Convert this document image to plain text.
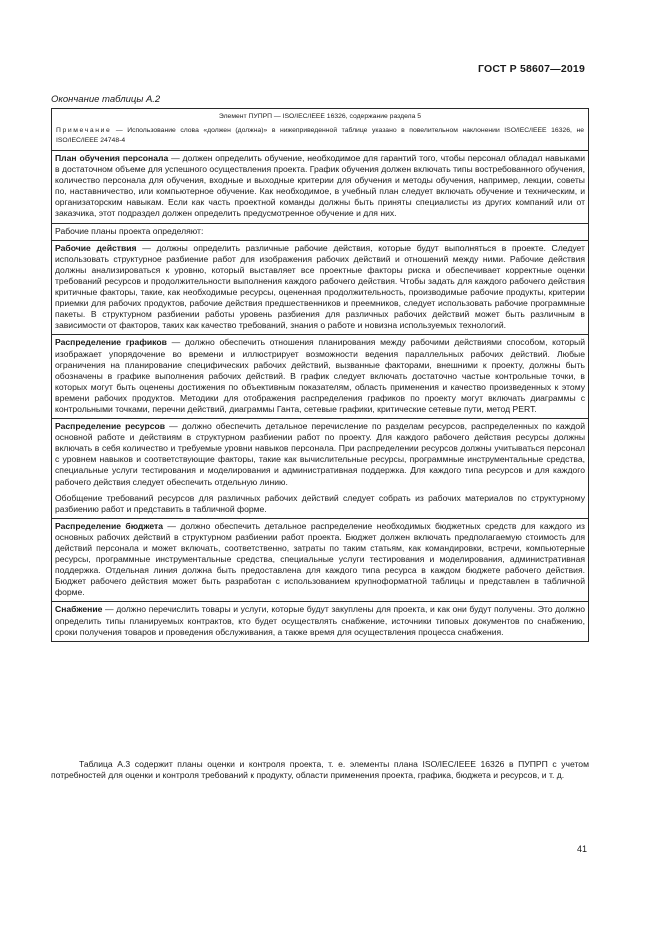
ГОСТ Р 58607—2019
Окончание таблицы А.2
Элемент ПУПРП — ISO/IEC/IEEE 16326, содержание раздела 5
Примечание — Использование слова «должен (должна)» в нижеприведенной таблице указано в повелительном наклонении ISO/IEC/IEEE 16326, не ISO/IEC/IEEE 24748-4

План обучения персонала — должен определить обучение, необходимое для гарантий того, чтобы персонал обладал навыками в достаточном объеме для успешного осуществления проекта. График обучения должен включать типы востребованного обучения, количество персонала для обучения, входные и выходные критерии для обучения и методы обучения, например, лекции, советы по, наставничество, или компьютерное обучение. Как необходимое, в учебный план следует включать обучение и техническим, и организаторским навыкам. Если как часть проектной команды должны быть приняты специалисты из других компаний или от заказчика, этот подраздел должен определить предусмотренное обучение и для них.
Рабочие планы проекта определяют:
Рабочие действия — должны определить различные рабочие действия, которые будут выполняться в проекте. Следует использовать структурное разбиение работ для изображения рабочих действий и отношений между ними. Рабочие действия должны анализироваться к уровню, который выставляет все проектные факторы риска и обеспечивает корректные оценки требований ресурсов и продолжительности выполнения каждого рабочего действия. Чтобы задать для каждого рабочего действия критичные факторы, такие, как необходимые ресурсы, оцененная продолжительность, производимые рабочие продукты, критерии приемки для рабочих продуктов, рабочие действия предшественников и преемников, следует использовать рабочие программные пакеты. В структурном разбиении работы уровень разбиения для различных рабочих действий может быть различным в зависимости от факторов, таких как качество требований, знания о работе и новизна используемых технологий.
Распределение графиков — должно обеспечить отношения планирования между рабочими действиями способом, который изображает упорядочение во времени и иллюстрирует возможности ведения параллельных рабочих действий. Любые ограничения на планирование специфических рабочих действий, вызванные факторами, внешними к проекту, должны быть обозначены в графике выполнения рабочих действий. В график следует включать достаточно частые контрольные точки, в которых могут быть оценены достижения по объективным показателям, область применения и качество произведенных к этому времени рабочих продуктов. Методики для отображения распределения графиков по проекту могут включать диаграммы с контрольными точками, перечни действий, диаграммы Ганта, сетевые графики, критические сетевые пути, метод PERT.

Распределение ресурсов — должно обеспечить детальное перечисление по разделам ресурсов, распределенных по каждой основной работе и действиям в структурном разбиении работ по проекту. Для каждого рабочего действия ресурсы должны включать в себя количество и требуемые уровни навыков персонала. При распределении ресурсов должны учитываться персонал с уровнем навыков и соответствующие факторы, такие как вычислительные ресурсы, программные инструментальные средства, специальные услуги тестирования и моделирования и административная поддержка. Для каждого типа ресурсов и для каждого рабочего действия следует обеспечить отдельную линию.

Обобщение требований ресурсов для различных рабочих действий следует собрать из рабочих материалов по структурному разбиению работ и представить в табличной форме.

Распределение бюджета — должно обеспечить детальное распределение необходимых бюджетных средств для каждого из основных рабочих действий в структурном разбиении работ проекта. Бюджет должен включать предполагаемую стоимость для действий персонала и может включать, соответственно, затраты по таким статьям, как командировки, встречи, компьютерные ресурсы, программные инструментальные средства, специальные услуги тестирования и моделирования, административная поддержка. Отдельная линия должна быть предоставлена для каждого типа ресурса в каждом бюджете рабочего действия. Бюджет рабочего действия может быть разработан с использованием крупноформатной таблицы и представлен в табличной форме.
Снабжение — должно перечислить товары и услуги, которые будут закуплены для проекта, и как они будут получены. Это должно определить типы планируемых контрактов, кто будет осуществлять снабжение, источники типовых документов по снабжению, сроки получения товаров и проведения обслуживания, а также время для осуществления процесса снабжения.

Таблица А.3 содержит планы оценки и контроля проекта, т. е. элементы плана ISO/IEC/IEEE 16326 в ПУПРП с учетом потребностей для оценки и контроля требований к продукту, области применения проекта, графика, бюджета и ресурсов, и т. д.

41
